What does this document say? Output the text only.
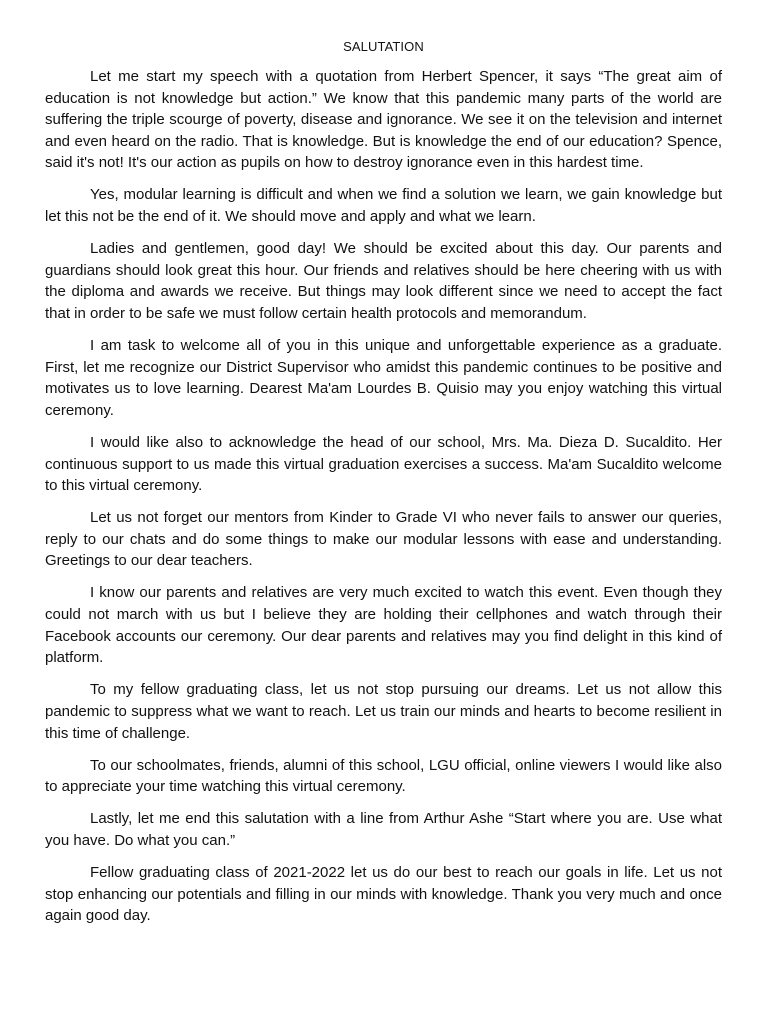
SALUTATION

Let me start my speech with a quotation from Herbert Spencer, it says “The great aim of education is not knowledge but action.” We know that this pandemic many parts of the world are suffering the triple scourge of poverty, disease and ignorance. We see it on the television and internet and even heard on the radio. That is knowledge. But is knowledge the end of our education? Spence, said it's not! It's our action as pupils on how to destroy ignorance even in this hardest time.

Yes, modular learning is difficult and when we find a solution we learn, we gain knowledge but let this not be the end of it. We should move and apply and what we learn.

Ladies and gentlemen, good day! We should be excited about this day. Our parents and guardians should look great this hour. Our friends and relatives should be here cheering with us with the diploma and awards we receive. But things may look different since we need to accept the fact that in order to be safe we must follow certain health protocols and memorandum.

I am task to welcome all of you in this unique and unforgettable experience as a graduate. First, let me recognize our District Supervisor who amidst this pandemic continues to be positive and motivates us to love learning. Dearest Ma'am Lourdes B. Quisio may you enjoy watching this virtual ceremony.

I would like also to acknowledge the head of our school, Mrs. Ma. Dieza D. Sucaldito. Her continuous support to us made this virtual graduation exercises a success. Ma'am Sucaldito welcome to this virtual ceremony.

Let us not forget our mentors from Kinder to Grade VI who never fails to answer our queries, reply to our chats and do some things to make our modular lessons with ease and understanding. Greetings to our dear teachers.

I know our parents and relatives are very much excited to watch this event. Even though they could not march with us but I believe they are holding their cellphones and watch through their Facebook accounts our ceremony. Our dear parents and relatives may you find delight in this kind of platform.

To my fellow graduating class, let us not stop pursuing our dreams. Let us not allow this pandemic to suppress what we want to reach. Let us train our minds and hearts to become resilient in this time of challenge.

To our schoolmates, friends, alumni of this school, LGU official, online viewers I would like also to appreciate your time watching this virtual ceremony.

Lastly, let me end this salutation with a line from Arthur Ashe “Start where you are. Use what you have. Do what you can.”

Fellow graduating class of 2021-2022 let us do our best to reach our goals in life. Let us not stop enhancing our potentials and filling in our minds with knowledge. Thank you very much and once again good day.
